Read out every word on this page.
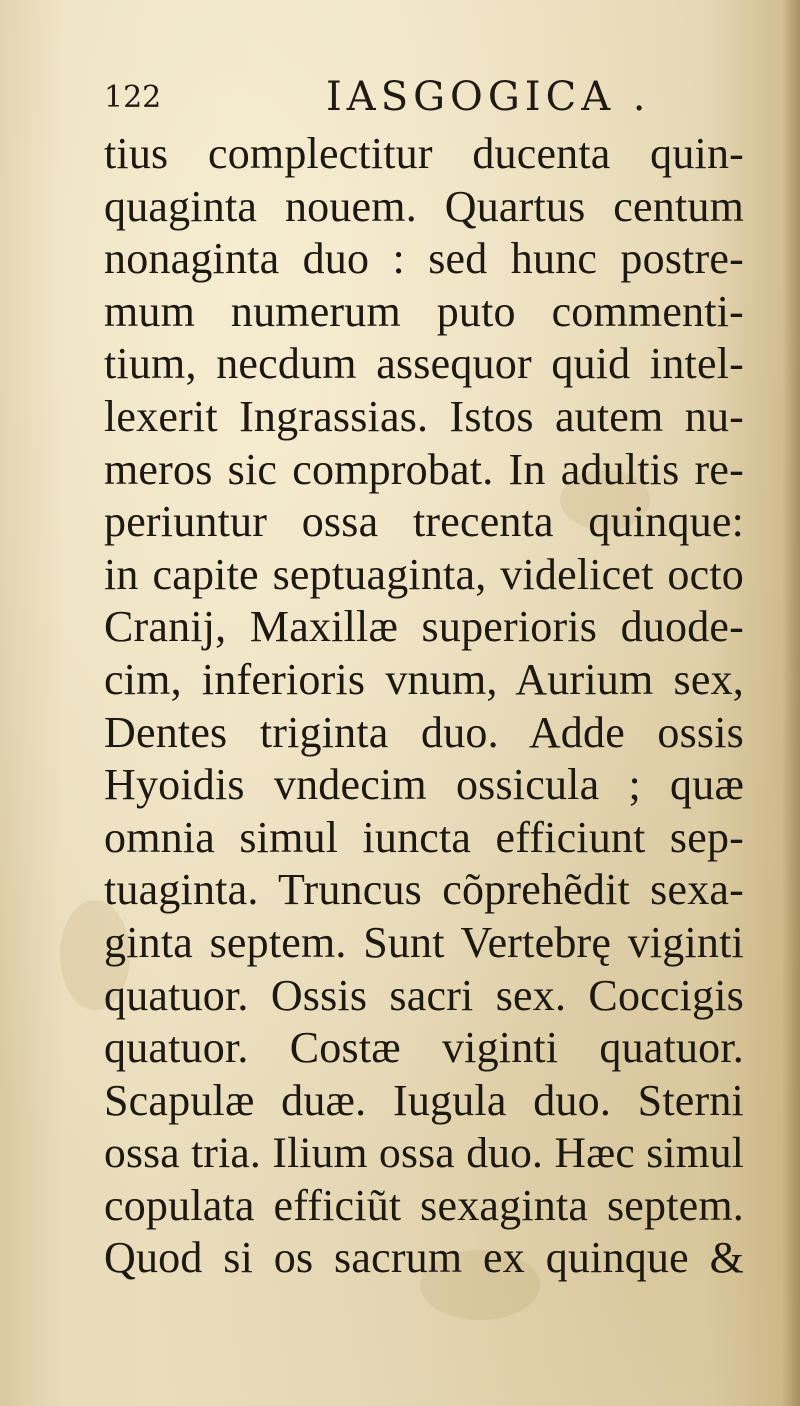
122	IASGOGICA .
tius complectitur ducenta quin-
quaginta nouem. Quartus centum
nonaginta duo : sed hunc postre-
mum numerum puto commenti-
tium, necdum assequor quid intel-
lexerit Ingrassias. Istos autem nu-
meros sic comprobat. In adultis re-
periuntur ossa trecenta quinque:
in capite septuaginta, videlicet octo
Cranij, Maxillæ superioris duode-
cim, inferioris vnum, Aurium sex,
Dentes triginta duo. Adde ossis
Hyoidis vndecim ossicula ; quæ
omnia simul iuncta efficiunt sep-
tuaginta. Truncus cõprehẽdit sexa-
ginta septem. Sunt Vertebrę viginti
quatuor. Ossis sacri sex. Coccigis
quatuor. Costæ viginti quatuor.
Scapulæ duæ. Iugula duo. Sterni
ossa tria. Ilium ossa duo. Hæc simul
copulata efficiũt sexaginta septem.
Quod si os sacrum ex quinque &
